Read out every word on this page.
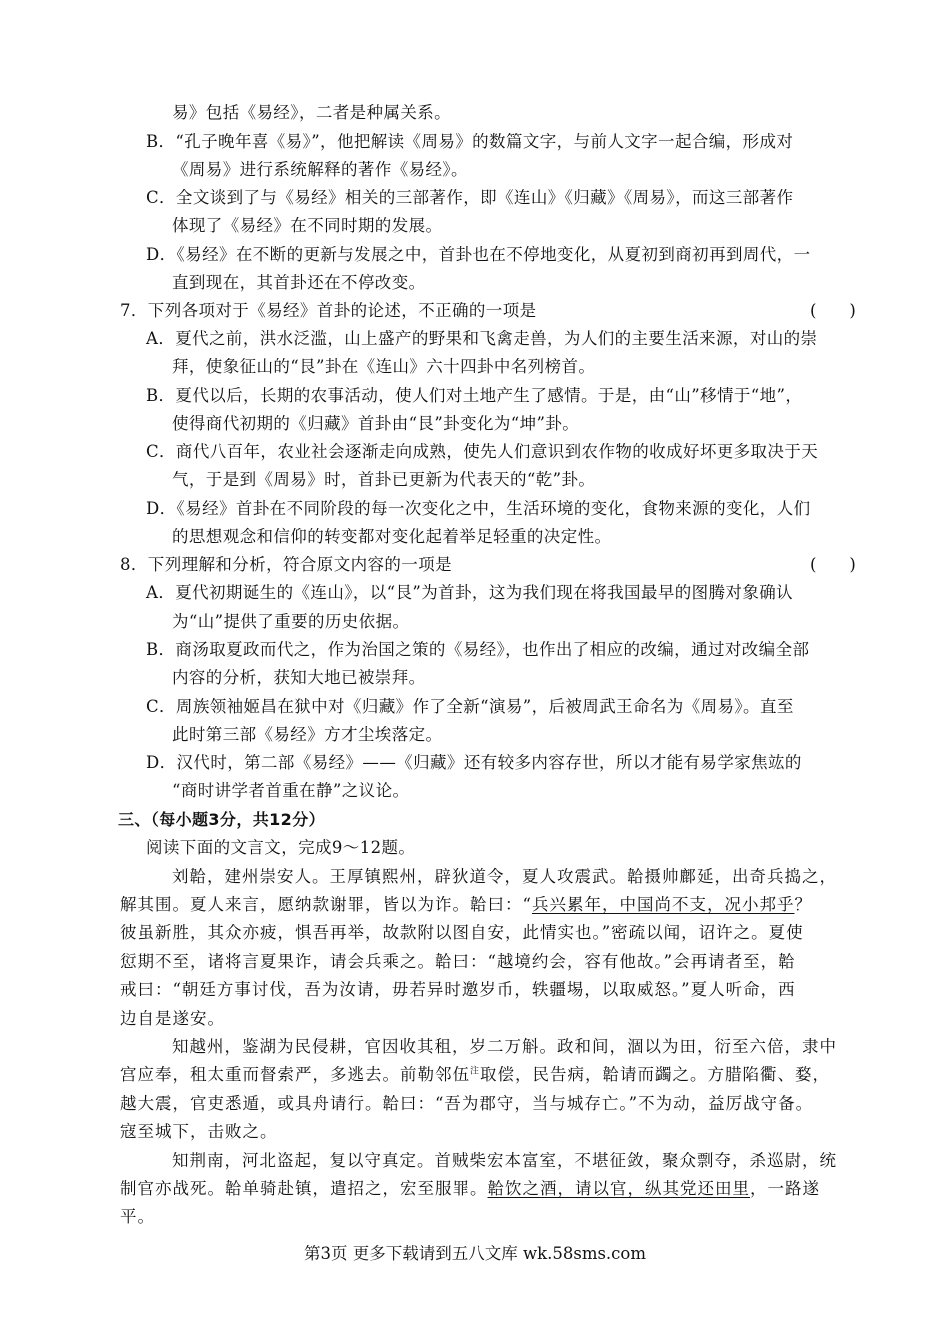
易》包括《易经》，二者是种属关系。
B．“孔子晚年喜《易》”，他把解读《周易》的数篇文字，与前人文字一起合编，形成对
《周易》进行系统解释的著作《易经》。
C．全文谈到了与《易经》相关的三部著作，即《连山》《归藏》《周易》，而这三部著作
体现了《易经》在不同时期的发展。
D．《易经》在不断的更新与发展之中，首卦也在不停地变化，从夏初到商初再到周代，一
直到现在，其首卦还在不停改变。
7．下列各项对于《易经》首卦的论述，不正确的一项是	(　　)
A．夏代之前，洪水泛滥，山上盛产的野果和飞禽走兽，为人们的主要生活来源，对山的崇
拜，使象征山的“艮”卦在《连山》六十四卦中名列榜首。
B．夏代以后，长期的农事活动，使人们对土地产生了感情。于是，由“山”移情于“地”，
使得商代初期的《归藏》首卦由“艮”卦变化为“坤”卦。
C．商代八百年，农业社会逐渐走向成熟，使先人们意识到农作物的收成好坏更多取决于天
气，于是到《周易》时，首卦已更新为代表天的“乾”卦。
D．《易经》首卦在不同阶段的每一次变化之中，生活环境的变化，食物来源的变化，人们
的思想观念和信仰的转变都对变化起着举足轻重的决定性。
8．下列理解和分析，符合原文内容的一项是	(　　)
A．夏代初期诞生的《连山》，以“艮”为首卦，这为我们现在将我国最早的图腾对象确认
为“山”提供了重要的历史依据。
B．商汤取夏政而代之，作为治国之策的《易经》，也作出了相应的改编，通过对改编全部
内容的分析，获知大地已被崇拜。
C．周族领袖姬昌在狱中对《归藏》作了全新“演易”，后被周武王命名为《周易》。直至
此时第三部《易经》方才尘埃落定。
D．汉代时，第二部《易经》——《归藏》还有较多内容存世，所以才能有易学家焦竑的
“商时讲学者首重在静”之议论。
三、（每小题3分，共12分）
阅读下面的文言文，完成9～12题。
刘韐，建州崇安人。王厚镇熙州，辟狄道令，夏人攻震武。韐摄帅鄜延，出奇兵捣之，
解其围。夏人来言，愿纳款谢罪，皆以为诈。韐曰：“兵兴累年，中国尚不支，况小邦乎？
彼虽新胜，其众亦疲，惧吾再举，故款附以图自安，此情实也。”密疏以闻，诏许之。夏使
愆期不至，诸将言夏果诈，请会兵乘之。韐曰：“越境约会，容有他故。”会再请者至，韐
戒曰：“朝廷方事讨伐，吾为汝请，毋若异时邀岁币，轶疆埸，以取威怒。”夏人听命，西
边自是遂安。
知越州，鉴湖为民侵耕，官因收其租，岁二万斛。政和间，涸以为田，衍至六倍，隶中
宫应奉，租太重而督索严，多逃去。前勒邻伍$^注$取偿，民告病，韐请而蠲之。方腊陷衢、婺，
越大震，官吏悉遁，或具舟请行。韐曰：“吾为郡守，当与城存亡。”不为动，益厉战守备。
寇至城下，击败之。
知荆南，河北盗起，复以守真定。首贼柴宏本富室，不堪征敛，聚众剽夺，杀巡尉，统
制官亦战死。韐单骑赴镇，遣招之，宏至服罪。韐饮之酒，请以官，纵其党还田里，一路遂
平。
第3页 更多下载请到五八文库 wk.58sms.com
